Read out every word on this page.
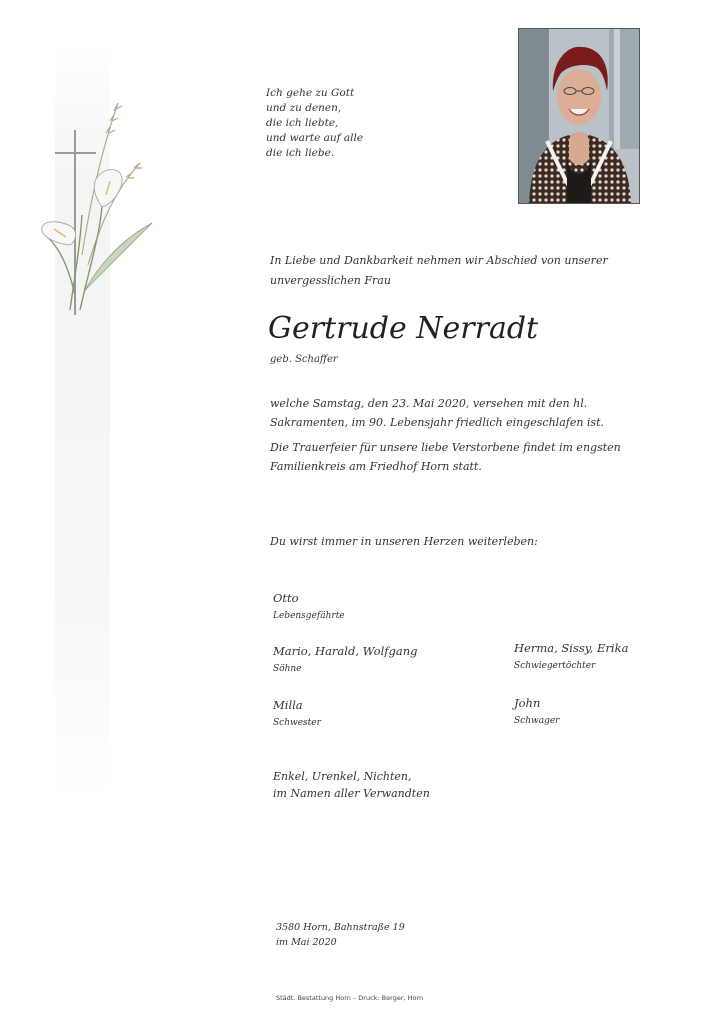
Ich gehe zu Gott
und zu denen,
die ich liebte,
und warte auf alle
die ich liebe.
In Liebe und Dankbarkeit nehmen wir Abschied von unserer unvergesslichen Frau
Gertrude Nerradt
geb. Schaffer
welche Samstag, den 23. Mai 2020, versehen mit den hl.
Sakramenten, im 90. Lebensjahr friedlich eingeschlafen ist.
Die Trauerfeier für unsere liebe Verstorbene findet im engsten
Familienkreis am Friedhof Horn statt.
Du wirst immer in unseren Herzen weiterleben:
Otto
Lebensgefährte
Mario, Harald, Wolfgang
Söhne
Herma, Sissy, Erika
Schwiegertöchter
Milla
Schwester
John
Schwager
Enkel, Urenkel, Nichten,
im Namen aller Verwandten
3580 Horn, Bahnstraße 19
im Mai 2020
Städt. Bestattung Horn – Druck: Berger, Horn
